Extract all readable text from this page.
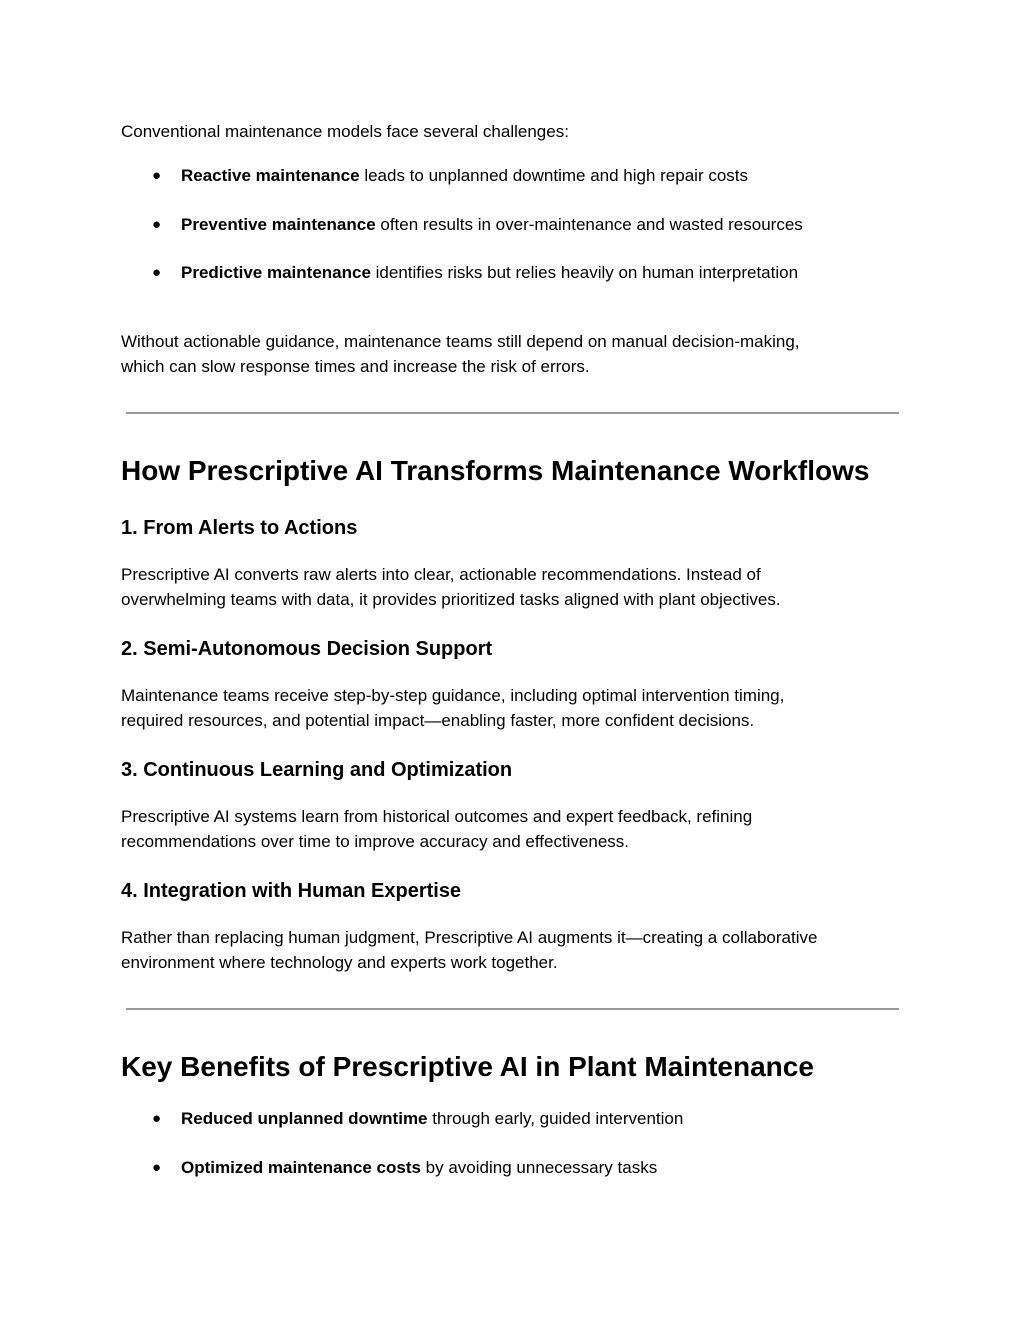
Conventional maintenance models face several challenges:

● Reactive maintenance leads to unplanned downtime and high repair costs
● Preventive maintenance often results in over-maintenance and wasted resources
● Predictive maintenance identifies risks but relies heavily on human interpretation
Without actionable guidance, maintenance teams still depend on manual decision-making,
which can slow response times and increase the risk of errors.
How Prescriptive AI Transforms Maintenance Workflows
1. From Alerts to Actions
Prescriptive AI converts raw alerts into clear, actionable recommendations. Instead of
overwhelming teams with data, it provides prioritized tasks aligned with plant objectives.
2. Semi-Autonomous Decision Support
Maintenance teams receive step-by-step guidance, including optimal intervention timing,
required resources, and potential impact—enabling faster, more confident decisions.
3. Continuous Learning and Optimization
Prescriptive AI systems learn from historical outcomes and expert feedback, refining
recommendations over time to improve accuracy and effectiveness.
4. Integration with Human Expertise
Rather than replacing human judgment, Prescriptive AI augments it—creating a collaborative
environment where technology and experts work together.
Key Benefits of Prescriptive AI in Plant Maintenance
● Reduced unplanned downtime through early, guided intervention
● Optimized maintenance costs by avoiding unnecessary tasks
